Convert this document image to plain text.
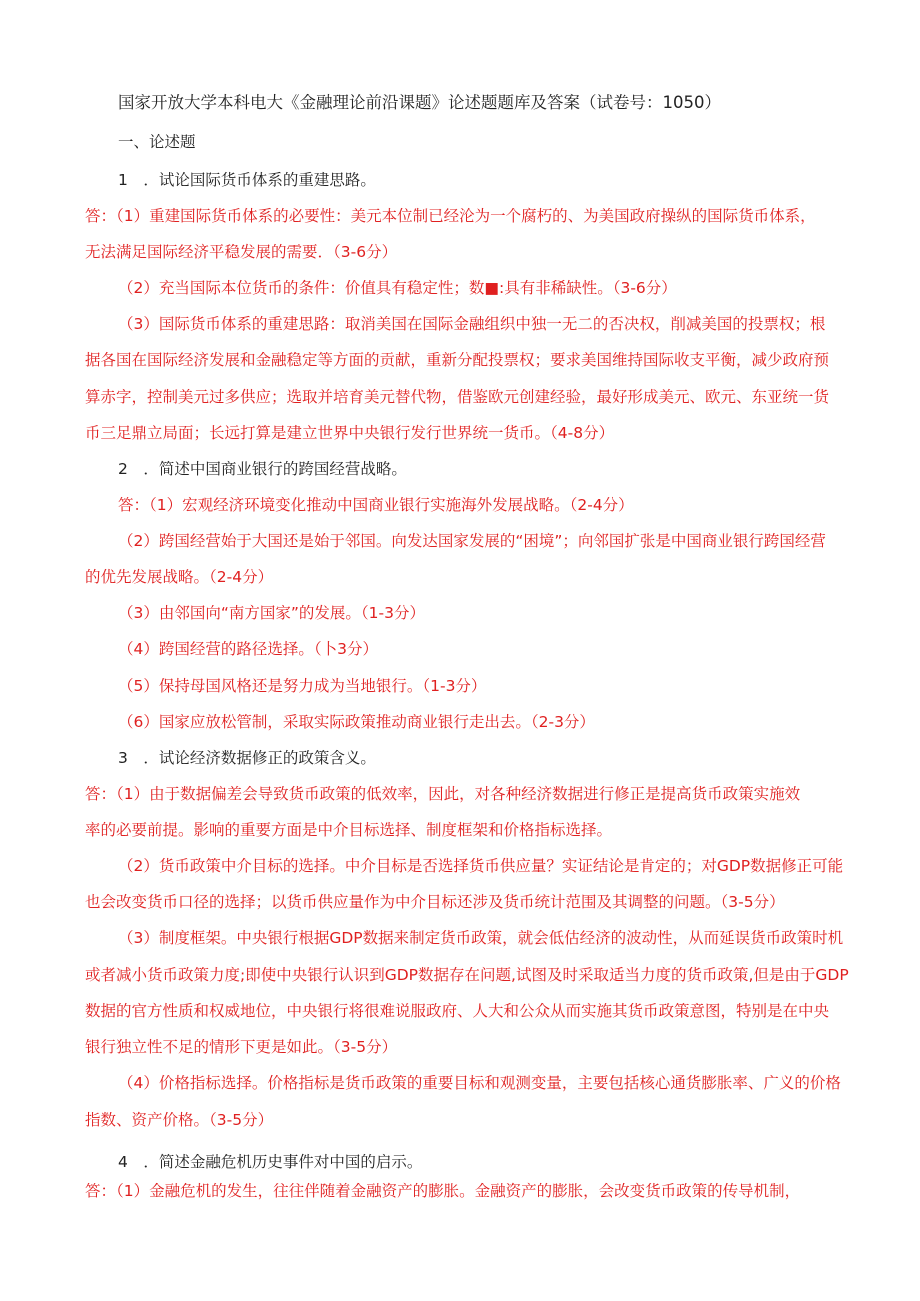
国家开放大学本科电大《金融理论前沿课题》论述题题库及答案（试卷号：1050）
一、论述题
1　．试论国际货币体系的重建思路。
答：（1）重建国际货币体系的必要性：美元本位制已经沦为一个腐朽的、为美国政府操纵的国际货币体系，
无法满足国际经济平稳发展的需要．（3-6分）
（2）充当国际本位货币的条件：价值具有稳定性；数■:具有非稀缺性。（3-6分）
（3）国际货币体系的重建思路：取消美国在国际金融组织中独一无二的否决权，削减美国的投票权；根
据各国在国际经济发展和金融稳定等方面的贡献，重新分配投票权；要求美国维持国际收支平衡，减少政府预
算赤字，控制美元过多供应；选取并培育美元替代物，借鉴欧元创建经验，最好形成美元、欧元、东亚统一货
币三足鼎立局面；长远打算是建立世界中央银行发行世界统一货币。（4-8分）
2　．简述中国商业银行的跨国经营战略。
答：（1）宏观经济环境变化推动中国商业银行实施海外发展战略。（2-4分）
（2）跨国经营始于大国还是始于邻国。向发达国家发展的“困境”；向邻国扩张是中国商业银行跨国经营
的优先发展战略。（2-4分）
（3）由邻国向“南方国家”的发展。（1-3分）
（4）跨国经营的路径选择。（卜3分）
（5）保持母国风格还是努力成为当地银行。（1-3分）
（6）国家应放松管制，采取实际政策推动商业银行走出去。（2-3分）
3　．试论经济数据修正的政策含义。
答：（1）由于数据偏差会导致货币政策的低效率，因此，对各种经济数据进行修正是提高货币政策实施效
率的必要前提。影响的重要方面是中介目标选择、制度框架和价格指标选择。
（2）货币政策中介目标的选择。中介目标是否选择货币供应量？实证结论是肯定的；对GDP数据修正可能
也会改变货币口径的选择；以货币供应量作为中介目标还涉及货币统计范围及其调整的问题。（3-5分）
（3）制度框架。中央银行根据GDP数据来制定货币政策，就会低估经济的波动性，从而延误货币政策时机
或者减小货币政策力度;即使中央银行认识到GDP数据存在问题,试图及时采取适当力度的货币政策,但是由于GDP
数据的官方性质和权威地位，中央银行将很难说服政府、人大和公众从而实施其货币政策意图，特别是在中央
银行独立性不足的情形下更是如此。（3-5分）
（4）价格指标选择。价格指标是货币政策的重要目标和观测变量，主要包括核心通货膨胀率、广义的价格
指数、资产价格。（3-5分）
4　．简述金融危机历史事件对中国的启示。
答：（1）金融危机的发生，往往伴随着金融资产的膨胀。金融资产的膨胀，会改变货币政策的传导机制，
